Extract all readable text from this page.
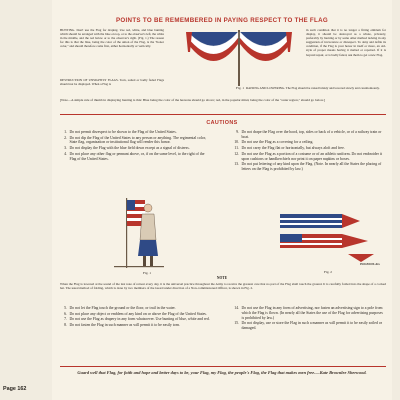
POINTS TO BE REMEMBERED IN PAYING RESPECT TO THE FLAG
BUNTING. Don't use the Flag for draping. Use red, white, and blue bunting which should be arranged with the blue on top, or to the observer's left, the white in the middle, and the red below or to the observer's right. (Fig. 1.) The reason for this is that the blue, being the color of the union of the Flag, is the "honor color," and should therefore come first, either horizontally or vertically.
DESTRUCTION OF UNSIGHTLY FLAGS. Torn, soiled or badly faded Flags should not be displayed. When a Flag is
Fig. 1
in such condition that it is no longer a fitting emblem for display, it should be destroyed as a whole, privately, preferably by burning or by some other method lacking in any suggestion of irreverence or disrespect. To deny and defile its condition, if the Flag is your honor in itself or more, an old-style of proper means having it melted or repaired. If it is beyond repair, or is badly faded, ask them to get a new Flag.
RAISING AND LOWERING. The Flag should be raised briskly and lowered slowly and ceremoniously.
[Note—A simple rule of thumb in displaying bunting is this: Blue being the color of the heavens should go above; red, in the popular mind, being the color of the "outer region," should go below.]
CAUTIONS
1. Do not permit disrespect to be shown to the Flag of the United States.
2. Do not dip the Flag of the United States to any person or anything. The regimental color, State flag, organization or institutional flag will render this honor.
3. Do not display the Flag with the blue field down except as a signal of distress.
4. Do not place any other flag or pennant above, or, if on the same level, to the right of the Flag of the United States.
9. Do not drape the Flag over the hood, top, sides or back of a vehicle, or of a railway train or boat.
10. Do not use the Flag as a covering for a ceiling.
11. Do not carry the Flag flat or horizontally, but always aloft and free.
12. Do not use the Flag as a portion of a costume or of an athletic uniform. Do not embroider it upon cushions or handkerchiefs nor print it on paper napkins or boxes.
13. Do not put lettering of any kind upon the Flag. (Note. In nearly all the States the placing of letters on the Flag is prohibited by law.)
Fig. 1
POLED FLAG
Fig. 2
NOTE
When the Flag is lowered at the sound of the last note of retreat every day, it is the universal practice throughout the Army to receive the greatest care that no part of the Flag shall touch the ground. It is carefully folded into the shape of a cocked hat. The usual method of folding, which is done by two members of the Guard under direction of a Non-commissioned Officer, is shown in Fig. 2.
5. Do not let the Flag touch the ground or the floor, or trail in the water.
6. Do not place any object or emblem of any kind on or above the Flag of the United States.
7. Do not use the Flag as drapery in any form whatsoever. Use bunting of blue, white and red.
8. Do not fasten the Flag in such manner as will permit it to be easily torn.
14. Do not use the Flag in any form of advertising, nor fasten an advertising sign to a pole from which the Flag is flown. (In nearly all the States the use of the Flag for advertising purposes is prohibited by law.)
15. Do not display, use or store the Flag in such a manner as will permit it to be easily soiled or damaged.
Guard well that Flag, for faith and hope and better days to be, your Flag, my Flag, the people's Flag, the Flag that makes men free.—Kate Brownlee Sherwood.
Page 162
